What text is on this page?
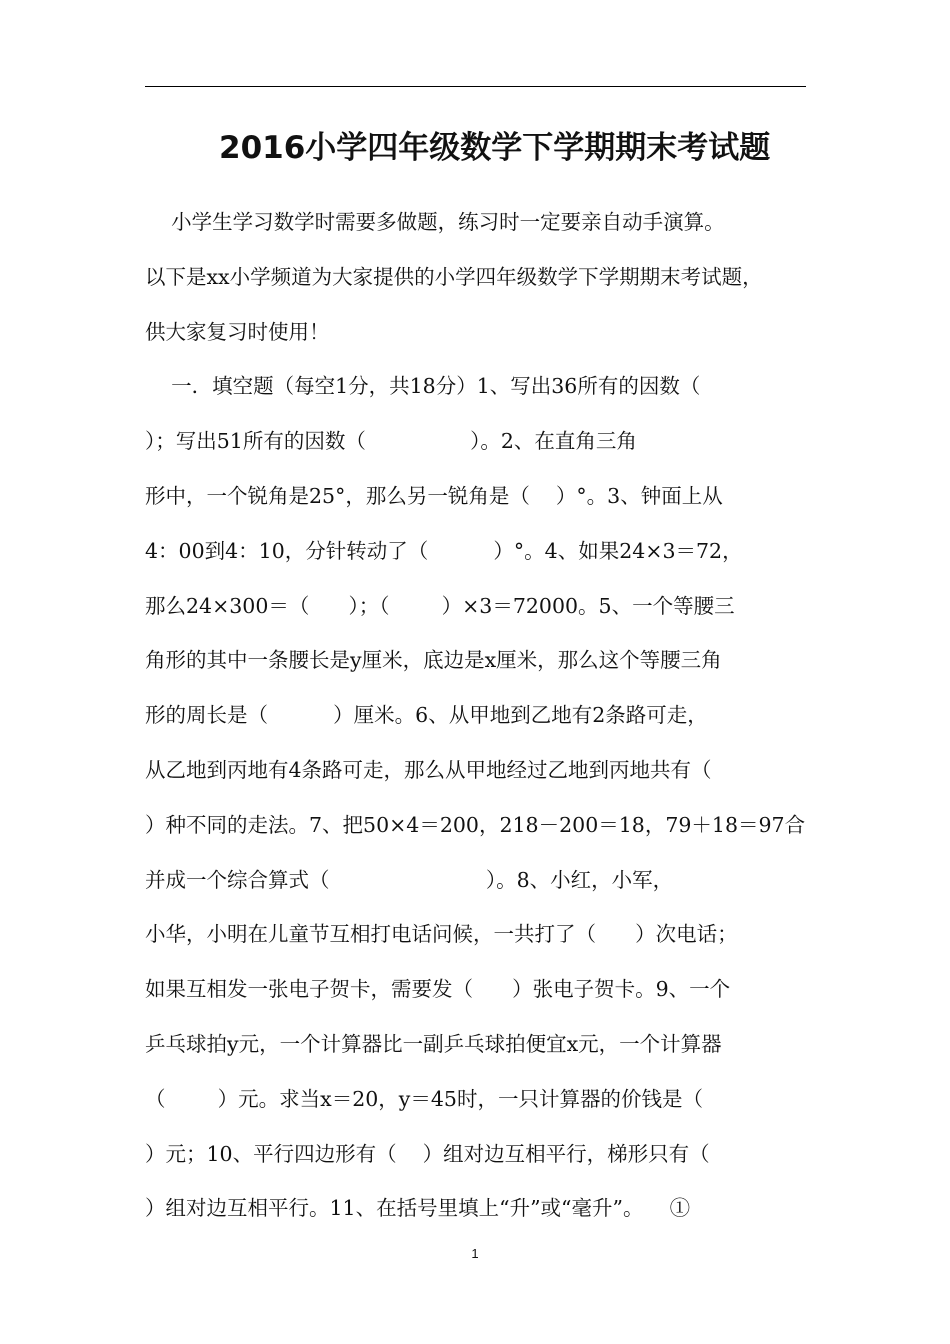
2016小学四年级数学下学期期末考试题
小学生学习数学时需要多做题，练习时一定要亲自动手演算。
以下是xx小学频道为大家提供的小学四年级数学下学期期末考试题，
供大家复习时使用！
一．填空题（每空1分，共18分）1、写出36所有的因数（
）；写出51所有的因数（                ）。2、在直角三角
形中，一个锐角是25°，那么另一锐角是（    ）°。3、钟面上从
4：00到4：10，分针转动了（          ）°。4、如果24×3＝72，
那么24×300＝（      ）；（        ）×3＝72000。5、一个等腰三
角形的其中一条腰长是y厘米，底边是x厘米，那么这个等腰三角
形的周长是（          ）厘米。6、从甲地到乙地有2条路可走，
从乙地到丙地有4条路可走，那么从甲地经过乙地到丙地共有（
）种不同的走法。7、把50×4＝200，218－200＝18，79＋18＝97合
并成一个综合算式（                        ）。8、小红，小军，
小华，小明在儿童节互相打电话问候，一共打了（      ）次电话；
如果互相发一张电子贺卡，需要发（      ）张电子贺卡。9、一个
乒乓球拍y元，一个计算器比一副乒乓球拍便宜x元，一个计算器
（        ）元。求当x＝20，y＝45时，一只计算器的价钱是（
）元；10、平行四边形有（    ）组对边互相平行，梯形只有（
）组对边互相平行。11、在括号里填上“升”或“毫升”。    ①
1
